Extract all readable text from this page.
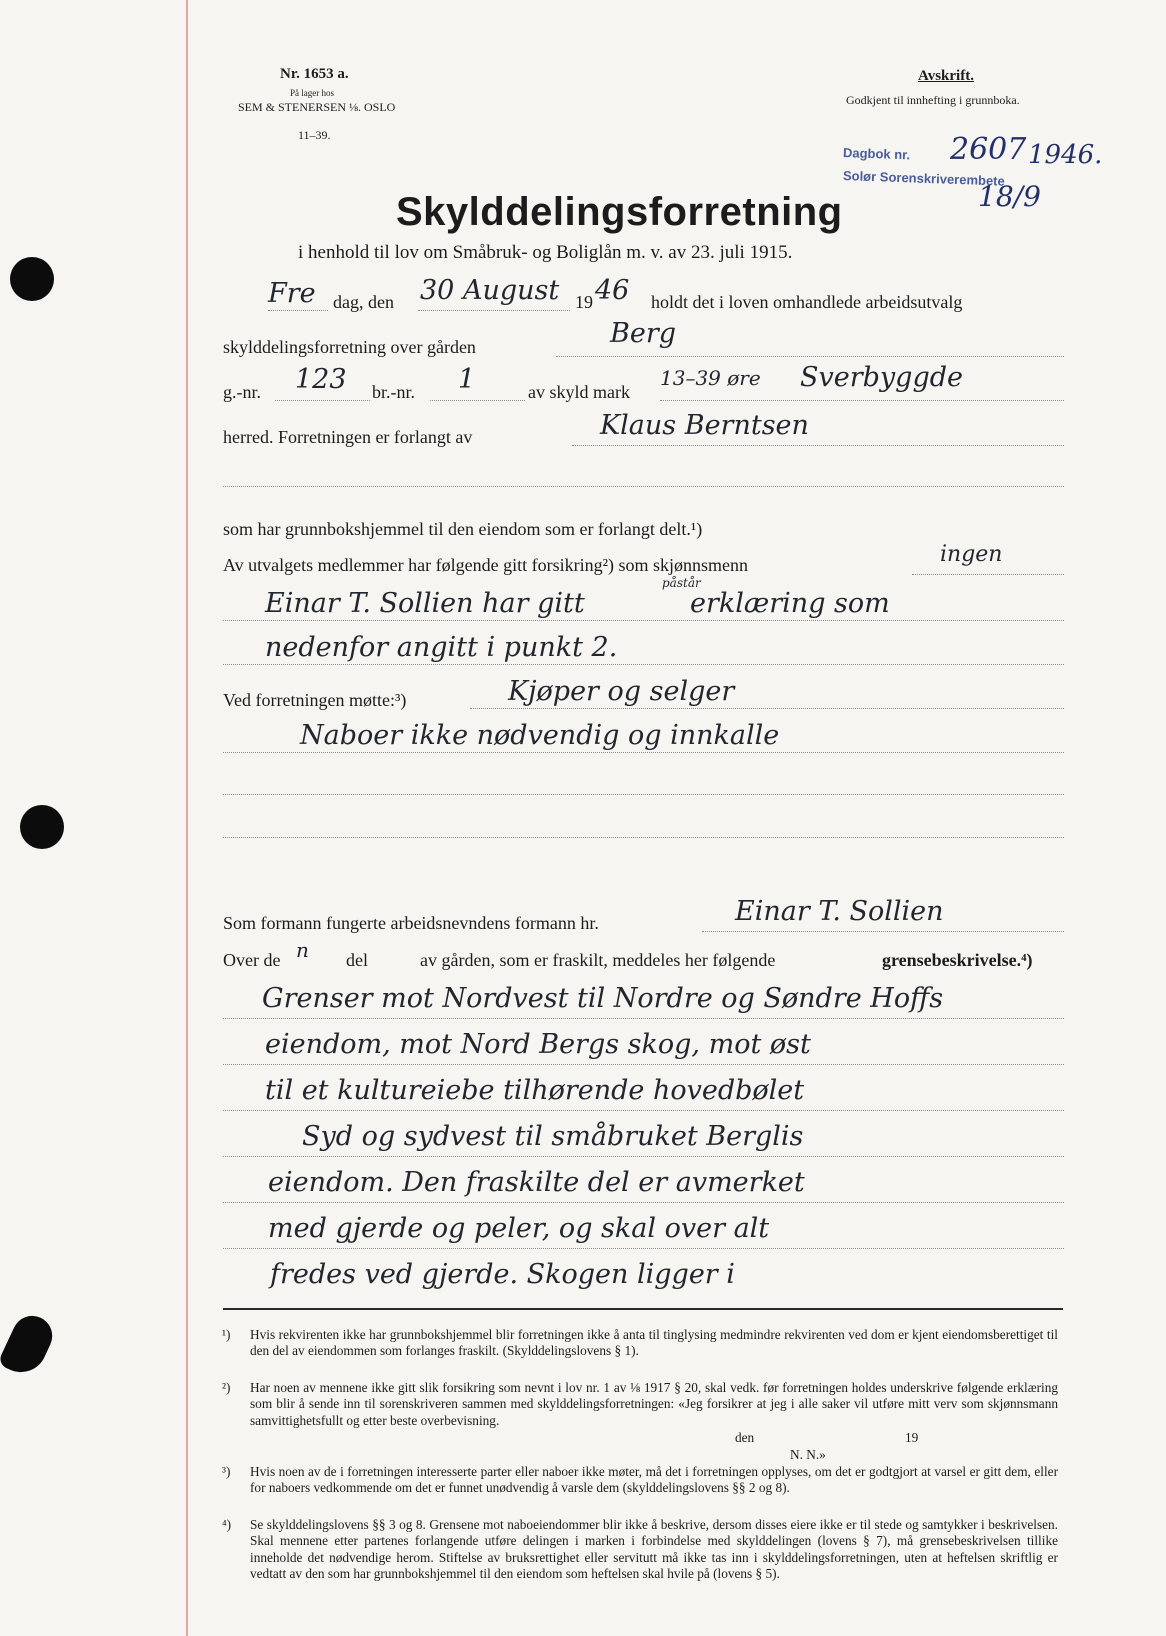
Nr. 1653 a.
På lager hos
SEM & STENERSEN ⅛. OSLO
11–39.
Avskrift.
Godkjent til innhefting i grunnboka.
Dagbok nr. 2607 1946.
Solør Sorenskriverembete
18/9
Skylddelingsforretning
i henhold til lov om Småbruk- og Boliglån m. v. av 23. juli 1915.
Fre dag, den 30 August 19 46 holdt det i loven omhandlede arbeidsutvalg
skylddelingsforretning over gården	Berg
g.-nr. 123 br.-nr. 1	av skyld mark
13–39 øre Sverbyggde
herred. Forretningen er forlangt av	Klaus Berntsen
som har grunnbokshjemmel til den eiendom som er forlangt delt.¹)
Av utvalgets medlemmer har følgende gitt forsikring²) som skjønnsmenn	ingen
Einar T. Sollien har gitt
påstår
erklæring som
nedenfor angitt i punkt 2.
Ved forretningen møtte:³)	Kjøper og selger
Naboer ikke nødvendig og innkalle
Som formann fungerte arbeidsnevndens formann hr.	Einar T. Sollien
Over de n del	av gården, som er fraskilt, meddeles her følgende	grensebeskrivelse.⁴)
Grenser mot Nordvest til Nordre og Søndre Hoffs
eiendom, mot Nord Bergs skog, mot øst
til et kultureiebe tilhørende hovedbølet
Syd og sydvest til småbruket Berglis
eiendom. Den fraskilte del er avmerket
med gjerde og peler, og skal over alt
fredes ved gjerde. Skogen ligger i
¹) Hvis rekvirenten ikke har grunnbokshjemmel blir forretningen ikke å anta til tinglysing medmindre rekvirenten ved dom er kjent eiendomsberettiget til den del av eiendommen som forlanges fraskilt. (Skylddelingslovens § 1).
²) Har noen av mennene ikke gitt slik forsikring som nevnt i lov nr. 1 av ⅛ 1917 § 20, skal vedk. før forretningen holdes underskrive følgende erklæring som blir å sende inn til sorenskriveren sammen med skylddelingsforretningen: «Jeg forsikrer at jeg i alle saker vil utføre mitt verv som skjønnsmann samvittighetsfullt og etter beste overbevisning.
den	19
N. N.»
³) Hvis noen av de i forretningen interesserte parter eller naboer ikke møter, må det i forretningen opplyses, om det er godtgjort at varsel er gitt dem, eller for naboers vedkommende om det er funnet unødvendig å varsle dem (skylddelingslovens §§ 2 og 8).
⁴) Se skylddelingslovens §§ 3 og 8. Grensene mot naboeiendommer blir ikke å beskrive, dersom disses eiere ikke er til stede og samtykker i beskrivelsen. Skal mennene etter partenes forlangende utføre delingen i marken i forbindelse med skylddelingen (lovens § 7), må grensebeskrivelsen tillike inneholde det nødvendige herom. Stiftelse av bruksrettighet eller servitutt må ikke tas inn i skylddelingsforretningen, uten at heftelsen skriftlig er vedtatt av den som har grunnbokshjemmel til den eiendom som heftelsen skal hvile på (lovens § 5).
